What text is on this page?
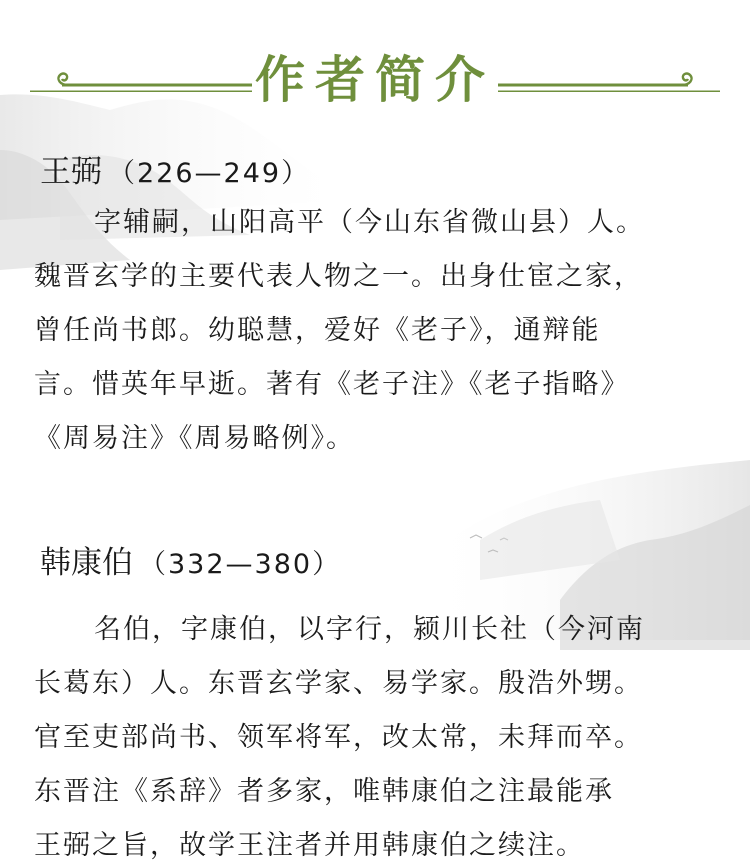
作者简介
王弼 （226—249）
字辅嗣，山阳高平（今山东省微山县）人。
魏晋玄学的主要代表人物之一。出身仕宦之家，
曾任尚书郎。幼聪慧，爱好《老子》，通辩能
言。惜英年早逝。著有《老子注》《老子指略》
《周易注》《周易略例》。
韩康伯 （332—380）
名伯，字康伯，以字行，颍川长社（今河南
长葛东）人。东晋玄学家、易学家。殷浩外甥。
官至吏部尚书、领军将军，改太常，未拜而卒。
东晋注《系辞》者多家，唯韩康伯之注最能承
王弼之旨，故学王注者并用韩康伯之续注。
